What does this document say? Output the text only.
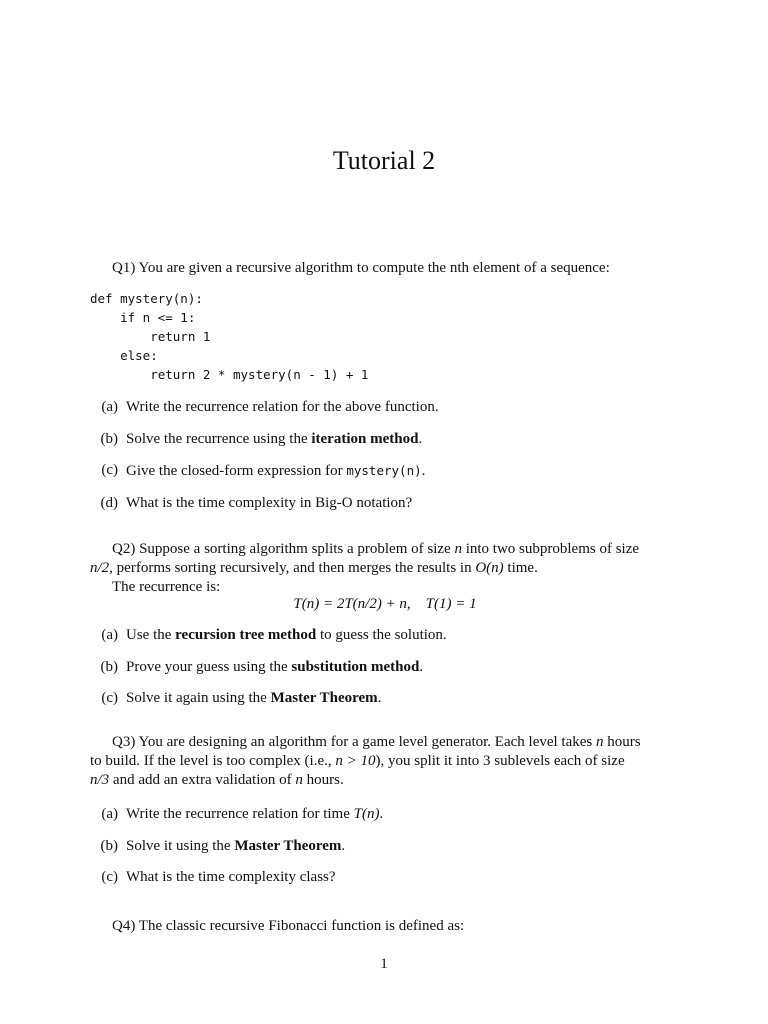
Tutorial 2
Q1) You are given a recursive algorithm to compute the nth element of a sequence:
def mystery(n):
if n <= 1:
return 1
else:
return 2 * mystery(n - 1) + 1
( a ) Write the recurrence relation for the above function.
( b ) Solve the recurrence using the iteration method.
( c ) Give the closed-form expression for mystery(n).
( d ) What is the time complexity in Big-O notation?
Q2) Suppose a sorting algorithm splits a problem of size n into two subproblems of size
n/2, performs sorting recursively, and then merges the results in O(n) time.
The recurrence is:
T(n) = 2T(n/2) + n,    T(1) = 1
( a ) Use the recursion tree method to guess the solution.
( b ) Prove your guess using the substitution method.
( c ) Solve it again using the Master Theorem.
Q3) You are designing an algorithm for a game level generator. Each level takes n hours
to build. If the level is too complex (i.e., n > 10), you split it into 3 sublevels each of size
n/3 and add an extra validation of n hours.
( a ) Write the recurrence relation for time T(n).
( b ) Solve it using the Master Theorem.
( c ) What is the time complexity class?
Q4) The classic recursive Fibonacci function is defined as:
1
